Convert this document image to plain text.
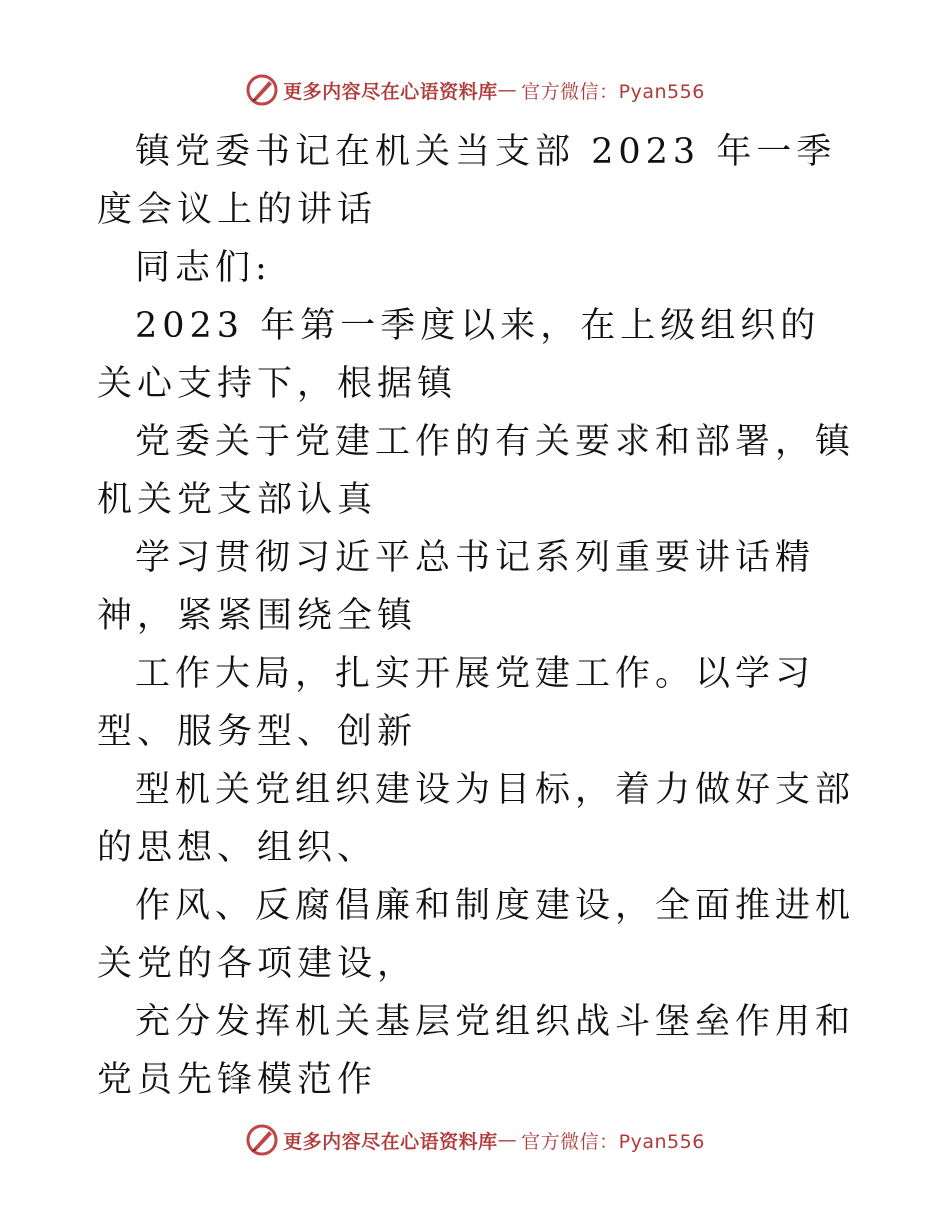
更多内容尽在心语资料库 — 官方微信：Pyan556

镇党委书记在机关当支部 2023 年一季度会议上的讲话

同志们:

2023 年第一季度以来，在上级组织的关心支持下，根据镇

党委关于党建工作的有关要求和部署，镇机关党支部认真

学习贯彻习近平总书记系列重要讲话精神，紧紧围绕全镇

工作大局，扎实开展党建工作。以学习型、服务型、创新

型机关党组织建设为目标，着力做好支部的思想、组织、

作风、反腐倡廉和制度建设，全面推进机关党的各项建设，

充分发挥机关基层党组织战斗堡垒作用和党员先锋模范作

更多内容尽在心语资料库 — 官方微信：Pyan556
